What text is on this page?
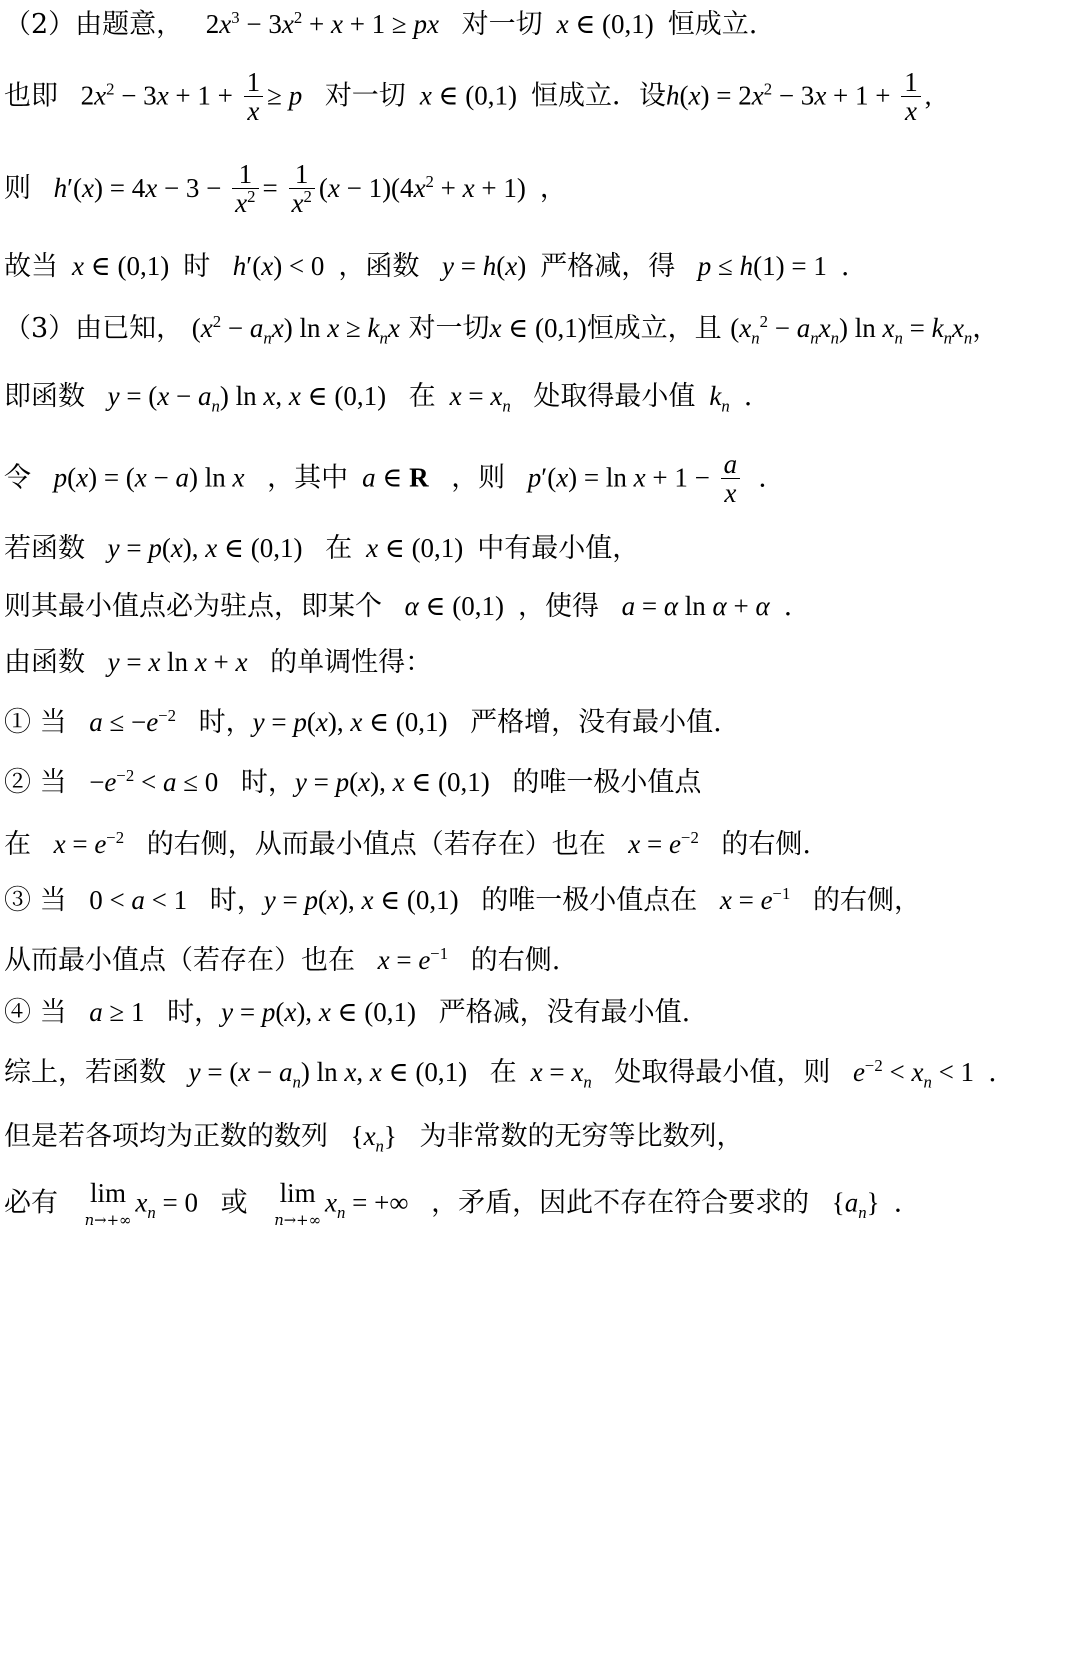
（2）由题意， $2x^3 - 3x^2 + x + 1$ ≥ px 对一切 x ∈ (0,1) 恒成立.
也即 $2x^2 - 3x + 1 + \frac{1}{x} \ge p$ 对一切 x ∈ (0,1) 恒成立．设$h(x) = 2x^2 - 3x + 1 + \frac{1}{x}$ ,
则 $h'(x) = 4x - 3 - \frac{1}{x^2} = \frac{1}{x^2} (x - 1)(4x^2 + x + 1)$ ，
故当 x ∈ (0,1) 时 h′(x) < 0 ，函数 y = h(x) 严格减，得 p ≤ h(1) = 1 .
（3）由已知， $(x^2 - a_nx)$ $\ln x \ge k_nx$ 对一切x ∈ (0,1)恒成立，且 $(x_n^2 - a_nx_n)$ $\ln x_n = k_nx_n$，
即函数 $y = (x - a_n)$ ln x, x ∈ (0,1) 在 $x = x_n$ 处取得最小值 $k_n$ .
令 p(x) = (x − a) ln x ，其中 a ∈ R ，则 $p'(x) = \ln x + 1 - \frac{a}{x}$ .
若函数 y = p(x), x ∈ (0,1) 在 x ∈ (0,1) 中有最小值，
则其最小值点必为驻点，即某个 α ∈ (0,1) ，使得 a = α ln α + α .
由函数 y = x ln x + x 的单调性得：
① 当 $a \le -e^{-2}$ 时，y = p(x), x ∈ (0,1) 严格增，没有最小值.
② 当 $-e^{-2} < a \le 0$ 时，y = p(x), x ∈ (0,1) 的唯一极小值点
在 $x = e^{-2}$ 的右侧，从而最小值点（若存在）也在 $x = e^{-2}$ 的右侧.
③ 当 0 < a < 1 时，y = p(x), x ∈ (0,1) 的唯一极小值点在 $x = e^{-1}$ 的右侧，
从而最小值点（若存在）也在 $x = e^{-1}$ 的右侧.
④ 当 a ≥ 1 时，y = p(x), x ∈ (0,1) 严格减，没有最小值.
综上，若函数 $y = (x - a_n)$ ln x, x ∈ (0,1) 在 $x = x_n$ 处取得最小值，则 $e^{-2} < x_n < 1$ .
但是若各项均为正数的数列 $\{x_n\}$ 为非常数的无穷等比数列，
必有 lim
n→+∞
$x_n = 0$ 或 lim
n→+∞
$x_n$ = +∞ ，矛盾，因此不存在符合要求的 $\{a_n\}$ .
